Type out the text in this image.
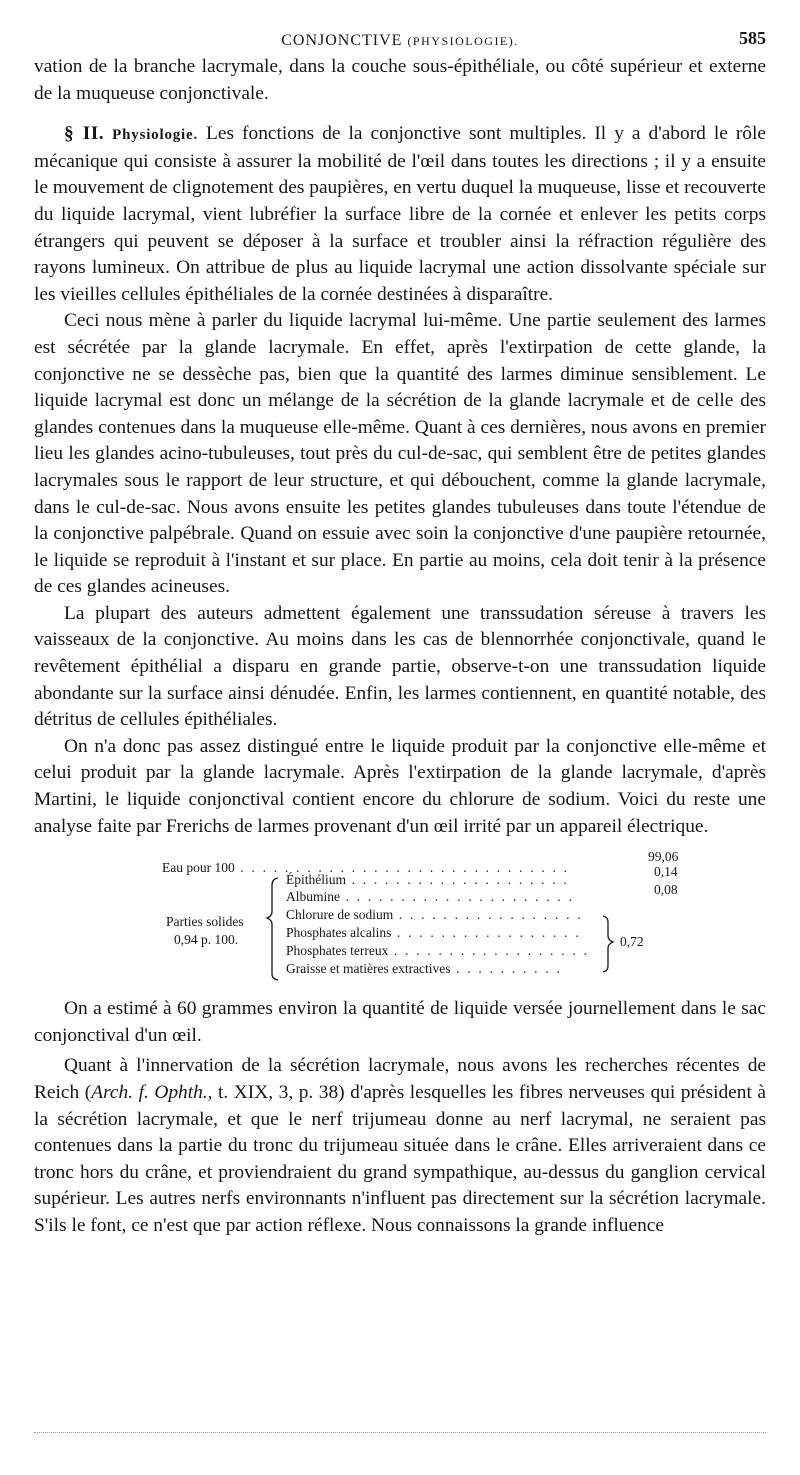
CONJONCTIVE (PHYSIOLOGIE).	585

vation de la branche lacrymale, dans la couche sous-épithéliale, ou côté supérieur et externe de la muqueuse conjonctivale.

§ II. Physiologie. Les fonctions de la conjonctive sont multiples. Il y a d'abord le rôle mécanique qui consiste à assurer la mobilité de l'œil dans toutes les directions ; il y a ensuite le mouvement de clignotement des paupières, en vertu duquel la muqueuse, lisse et recouverte du liquide lacrymal, vient lubréfier la surface libre de la cornée et enlever les petits corps étrangers qui peuvent se déposer à la surface et troubler ainsi la réfraction régulière des rayons lumineux. On attribue de plus au liquide lacrymal une action dissolvante spéciale sur les vieilles cellules épithéliales de la cornée destinées à disparaître.

Ceci nous mène à parler du liquide lacrymal lui-même. Une partie seulement des larmes est sécrétée par la glande lacrymale. En effet, après l'extirpation de cette glande, la conjonctive ne se dessèche pas, bien que la quantité des larmes diminue sensiblement. Le liquide lacrymal est donc un mélange de la sécrétion de la glande lacrymale et de celle des glandes contenues dans la muqueuse elle-même. Quant à ces dernières, nous avons en premier lieu les glandes acino-tubuleuses, tout près du cul-de-sac, qui semblent être de petites glandes lacrymales sous le rapport de leur structure, et qui débouchent, comme la glande lacrymale, dans le cul-de-sac. Nous avons ensuite les petites glandes tubuleuses dans toute l'étendue de la conjonctive palpébrale. Quand on essuie avec soin la conjonctive d'une paupière retournée, le liquide se reproduit à l'instant et sur place. En partie au moins, cela doit tenir à la présence de ces glandes acineuses.

La plupart des auteurs admettent également une transsudation séreuse à travers les vaisseaux de la conjonctive. Au moins dans les cas de blennorrhée conjonctivale, quand le revêtement épithélial a disparu en grande partie, observe-t-on une transsudation liquide abondante sur la surface ainsi dénudée. Enfin, les larmes contiennent, en quantité notable, des détritus de cellules épithéliales.

On n'a donc pas assez distingué entre le liquide produit par la conjonctive elle-même et celui produit par la glande lacrymale. Après l'extirpation de la glande lacrymale, d'après Martini, le liquide conjonctival contient encore du chlorure de sodium. Voici du reste une analyse faite par Frerichs de larmes provenant d'un œil irrité par un appareil électrique.

Eau pour 100 . . . . . . . . . . . . . . . . . . . . . . . . . . . . . .
99,06
Parties solides
0,94 p. 100.
Épithélium . . . . . . . . . . . . . . . . . . . .
0,14
Albumine . . . . . . . . . . . . . . . . . . . . .	0,08
Chlorure de sodium . . . . . . . . . . . . . . . . .
Phosphates alcalins . . . . . . . . . . . . . . . . .
Phosphates terreux . . . . . . . . . . . . . . . . . .
Graisse et matières extractives . . . . . . . . . .
0,72

On a estimé à 60 grammes environ la quantité de liquide versée journellement dans le sac conjonctival d'un œil.

Quant à l'innervation de la sécrétion lacrymale, nous avons les recherches récentes de Reich (Arch. f. Ophth., t. XIX, 3, p. 38) d'après lesquelles les fibres nerveuses qui président à la sécrétion lacrymale, et que le nerf trijumeau donne au nerf lacrymal, ne seraient pas contenues dans la partie du tronc du trijumeau située dans le crâne. Elles arriveraient dans ce tronc hors du crâne, et proviendraient du grand sympathique, au-dessus du ganglion cervical supérieur. Les autres nerfs environnants n'influent pas directement sur la sécrétion lacrymale. S'ils le font, ce n'est que par action réflexe. Nous connaissons la grande influence
